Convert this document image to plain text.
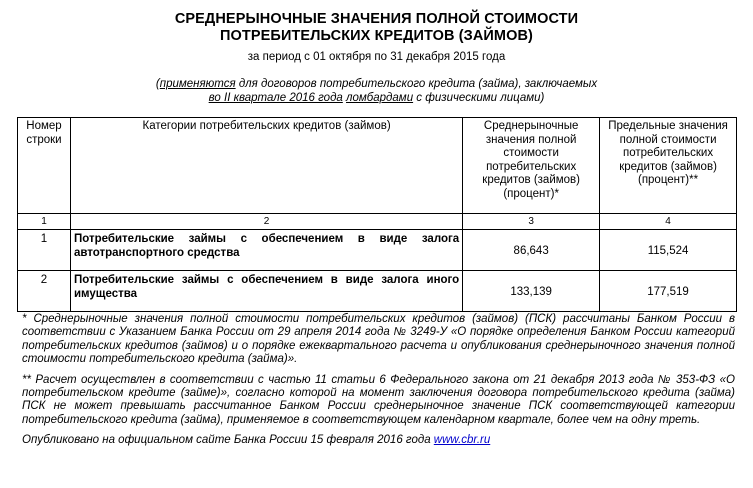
СРЕДНЕРЫНОЧНЫЕ ЗНАЧЕНИЯ ПОЛНОЙ СТОИМОСТИ
ПОТРЕБИТЕЛЬСКИХ КРЕДИТОВ (ЗАЙМОВ)
за период с 01 октября по 31 декабря 2015 года
(применяются для договоров потребительского кредита (займа), заключаемых
во II квартале 2016 года ломбардами с физическими лицами)
Номер строки	Категории потребительских кредитов (займов)	Среднерыночные значения полной стоимости потребительских кредитов (займов) (процент)*	Предельные значения полной стоимости потребительских кредитов (займов) (процент)**
1	2	3	4
1	Потребительские займы с обеспечением в виде залога автотранспортного средства	86,643	115,524
2	Потребительские займы с обеспечением в виде залога иного имущества	133,139	177,519

* Среднерыночные значения полной стоимости потребительских кредитов (займов) (ПСК) рассчитаны Банком России в соответствии с Указанием Банка России от 29 апреля 2014 года № 3249-У «О порядке определения Банком России категорий потребительских кредитов (займов) и о порядке ежеквартального расчета и опубликования среднерыночного значения полной стоимости потребительского кредита (займа)».

** Расчет осуществлен в соответствии с частью 11 статьи 6 Федерального закона от 21 декабря 2013 года № 353-ФЗ «О потребительском кредите (займе)», согласно которой на момент заключения договора потребительского кредита (займа) ПСК не может превышать рассчитанное Банком России среднерыночное значение ПСК соответствующей категории потребительского кредита (займа), применяемое в соответствующем календарном квартале, более чем на одну треть.

Опубликовано на официальном сайте Банка России 15 февраля 2016 года www.cbr.ru
